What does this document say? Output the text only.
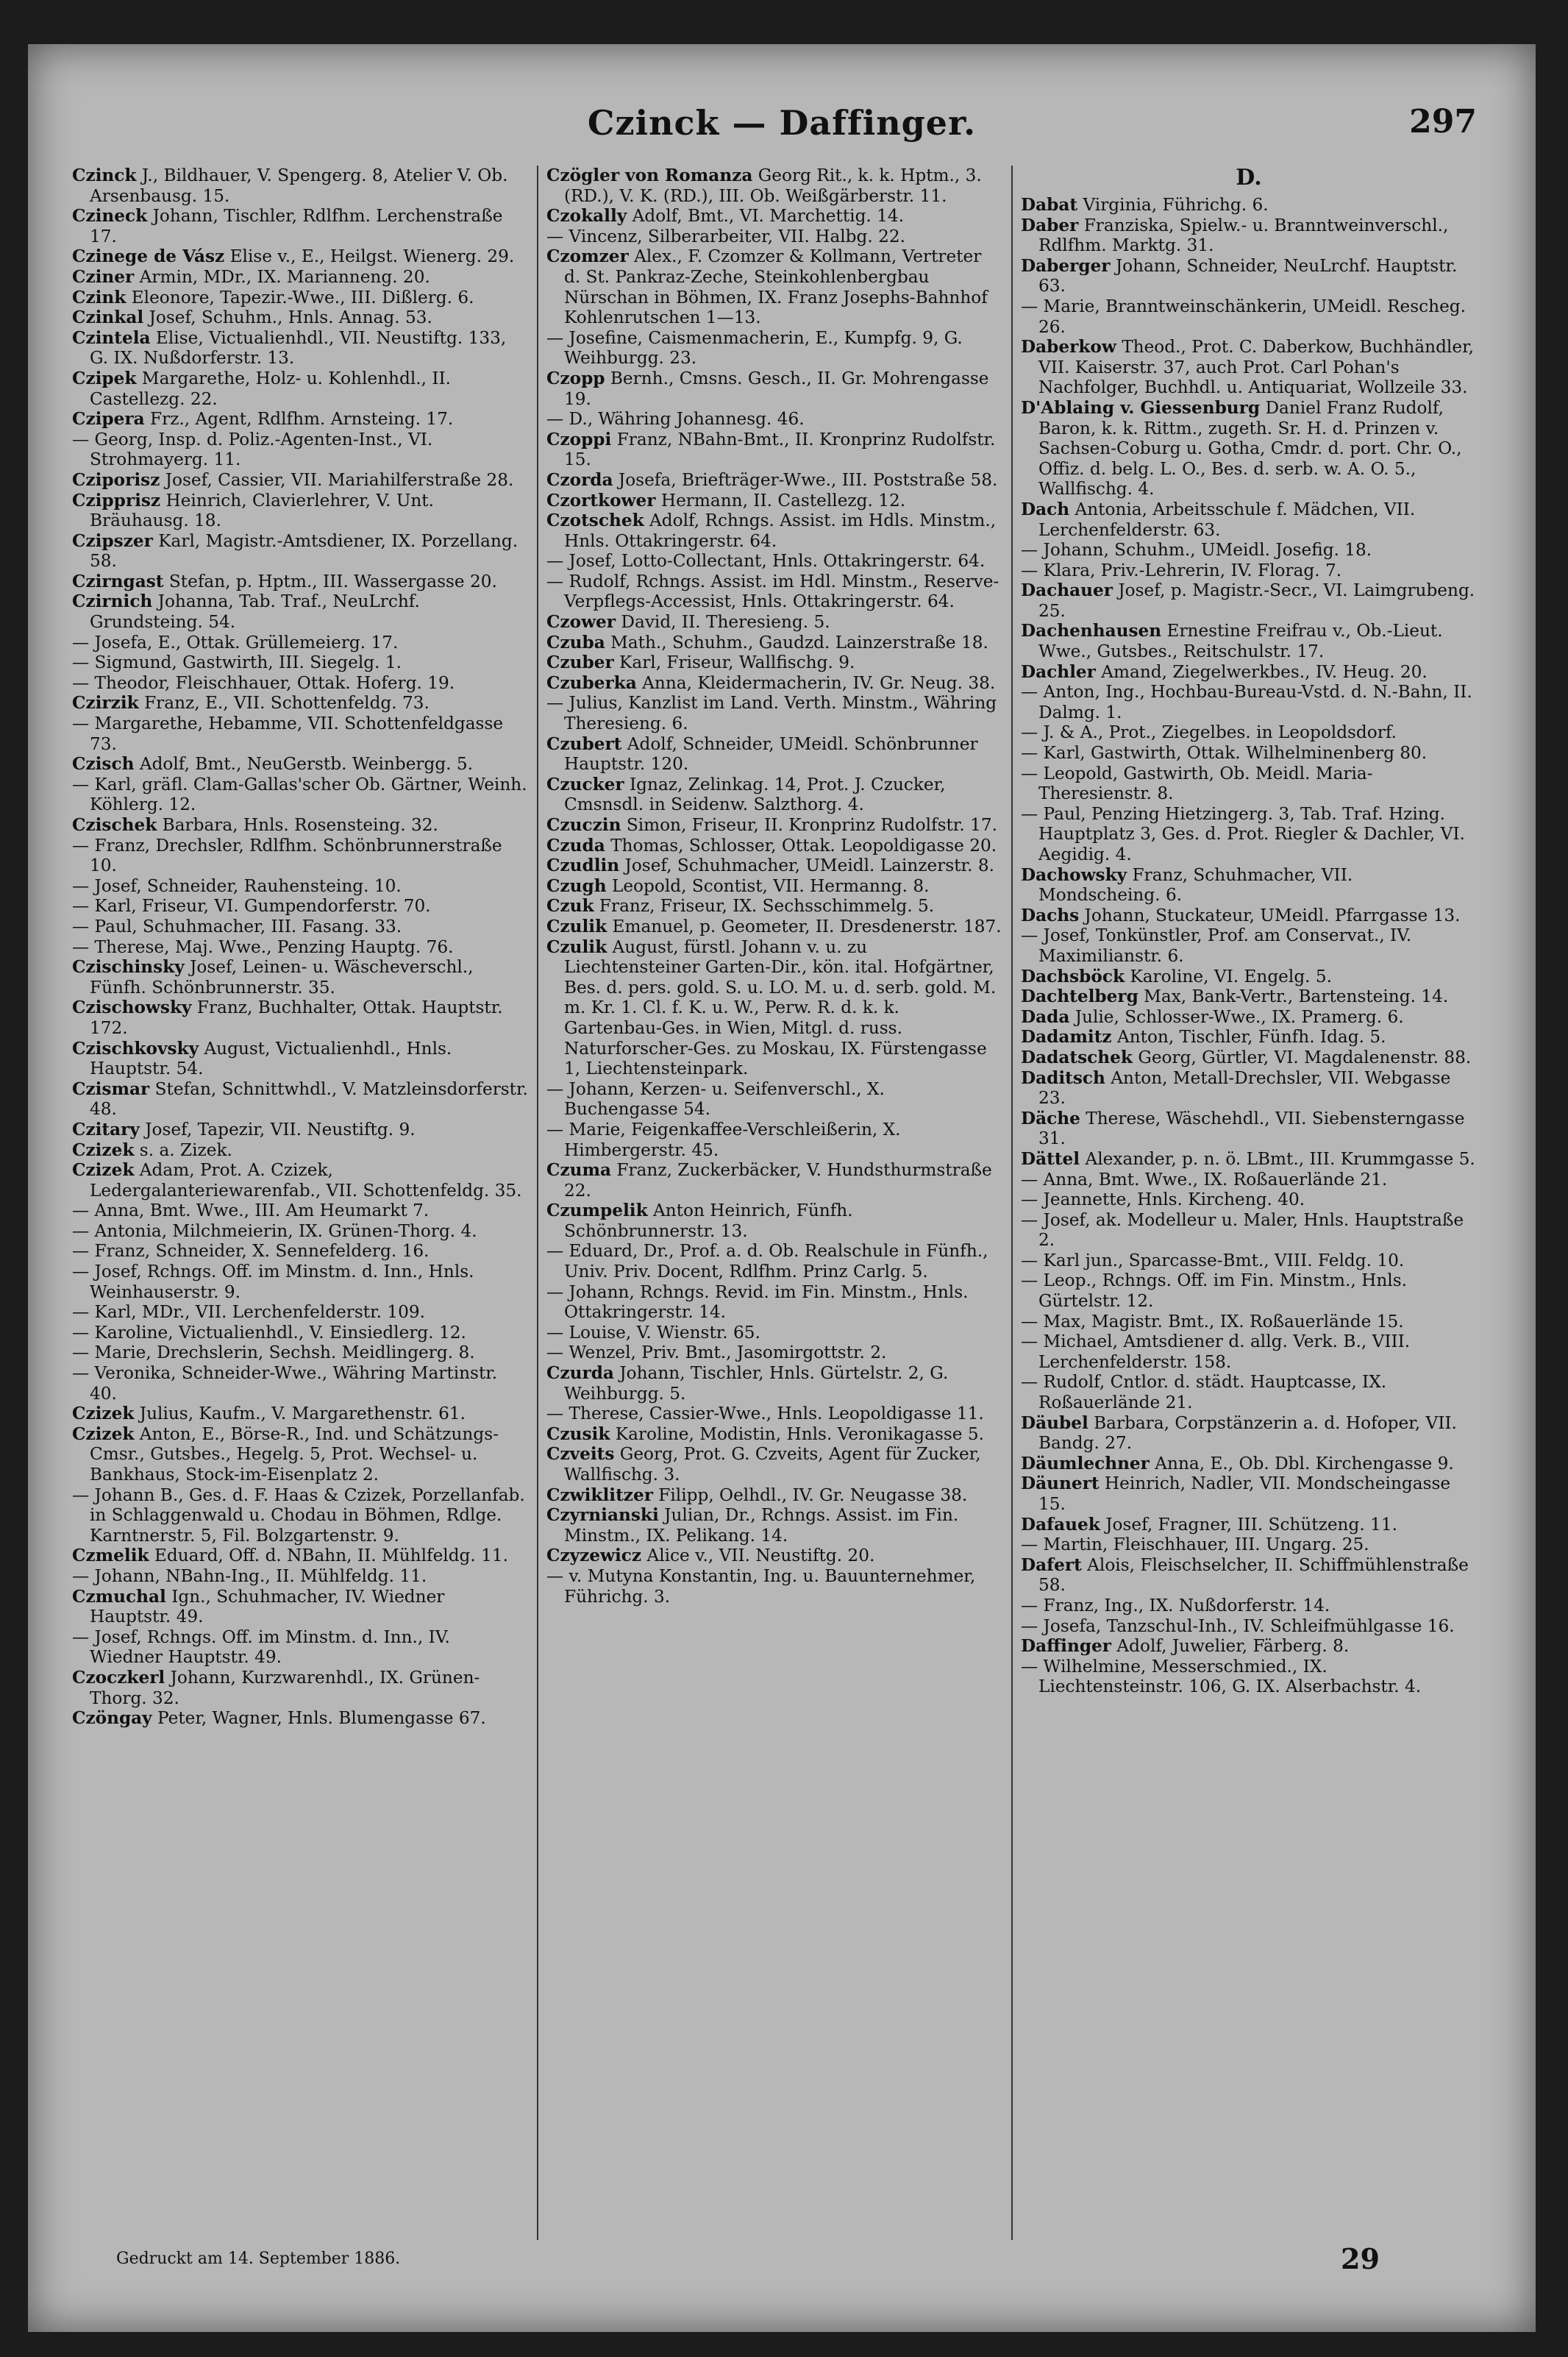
Czinck — Daffinger.	297

Czinck J., Bildhauer, V. Spengerg. 8, Atelier V. Ob. Arsenbausg. 15.

Czineck Johann, Tischler, Rdlfhm. Lerchenstraße 17.

Czinege de Vász Elise v., E., Heilgst. Wienerg. 29.

Cziner Armin, MDr., IX. Marianneng. 20.

Czink Eleonore, Tapezir.-Wwe., III. Dißlerg. 6.

Czinkal Josef, Schuhm., Hnls. Annag. 53.

Czintela Elise, Victualienhdl., VII. Neustiftg. 133, G. IX. Nußdorferstr. 13.

Czipek Margarethe, Holz- u. Kohlenhdl., II. Castellezg. 22.

Czipera Frz., Agent, Rdlfhm. Arnsteing. 17.

— Georg, Insp. d. Poliz.-Agenten-Inst., VI. Strohmayerg. 11.

Cziporisz Josef, Cassier, VII. Mariahilferstraße 28.

Czipprisz Heinrich, Clavierlehrer, V. Unt. Bräuhausg. 18.

Czipszer Karl, Magistr.-Amtsdiener, IX. Porzellang. 58.

Czirngast Stefan, p. Hptm., III. Wassergasse 20.

Czirnich Johanna, Tab. Traf., NeuLrchf. Grundsteing. 54.

— Josefa, E., Ottak. Grüllemeierg. 17.

— Sigmund, Gastwirth, III. Siegelg. 1.

— Theodor, Fleischhauer, Ottak. Hoferg. 19.

Czirzik Franz, E., VII. Schottenfeldg. 73.

— Margarethe, Hebamme, VII. Schottenfeldgasse 73.

Czisch Adolf, Bmt., NeuGerstb. Weinbergg. 5.

— Karl, gräfl. Clam-Gallas'scher Ob. Gärtner, Weinh. Köhlerg. 12.

Czischek Barbara, Hnls. Rosensteing. 32.

— Franz, Drechsler, Rdlfhm. Schönbrunnerstraße 10.

— Josef, Schneider, Rauhensteing. 10.

— Karl, Friseur, VI. Gumpendorferstr. 70.

— Paul, Schuhmacher, III. Fasang. 33.

— Therese, Maj. Wwe., Penzing Hauptg. 76.

Czischinsky Josef, Leinen- u. Wäscheverschl., Fünfh. Schönbrunnerstr. 35.

Czischowsky Franz, Buchhalter, Ottak. Hauptstr. 172.

Czischkovsky August, Victualienhdl., Hnls. Hauptstr. 54.

Czismar Stefan, Schnittwhdl., V. Matzleinsdorferstr. 48.

Czitary Josef, Tapezir, VII. Neustiftg. 9.

Czizek s. a. Zizek.

Czizek Adam, Prot. A. Czizek, Ledergalanteriewarenfab., VII. Schottenfeldg. 35.

— Anna, Bmt. Wwe., III. Am Heumarkt 7.

— Antonia, Milchmeierin, IX. Grünen-Thorg. 4.

— Franz, Schneider, X. Sennefelderg. 16.

— Josef, Rchngs. Off. im Minstm. d. Inn., Hnls. Weinhauserstr. 9.

— Karl, MDr., VII. Lerchenfelderstr. 109.

— Karoline, Victualienhdl., V. Einsiedlerg. 12.

— Marie, Drechslerin, Sechsh. Meidlingerg. 8.

— Veronika, Schneider-Wwe., Währing Martinstr. 40.

Czizek Julius, Kaufm., V. Margarethenstr. 61.

Czizek Anton, E., Börse-R., Ind. und Schätzungs-Cmsr., Gutsbes., Hegelg. 5, Prot. Wechsel- u. Bankhaus, Stock-im-Eisenplatz 2.

— Johann B., Ges. d. F. Haas & Czizek, Porzellanfab. in Schlaggenwald u. Chodau in Böhmen, Rdlge. Karntnerstr. 5, Fil. Bolzgartenstr. 9.

Czmelik Eduard, Off. d. NBahn, II. Mühlfeldg. 11.

— Johann, NBahn-Ing., II. Mühlfeldg. 11.

Czmuchal Ign., Schuhmacher, IV. Wiedner Hauptstr. 49.

— Josef, Rchngs. Off. im Minstm. d. Inn., IV. Wiedner Hauptstr. 49.

Czoczkerl Johann, Kurzwarenhdl., IX. Grünen-Thorg. 32.

Czöngay Peter, Wagner, Hnls. Blumengasse 67.

Czögler von Romanza Georg Rit., k. k. Hptm., 3. (RD.), V. K. (RD.), III. Ob. Weißgärberstr. 11.

Czokally Adolf, Bmt., VI. Marchettig. 14.

— Vincenz, Silberarbeiter, VII. Halbg. 22.

Czomzer Alex., F. Czomzer & Kollmann, Vertreter d. St. Pankraz-Zeche, Steinkohlenbergbau Nürschan in Böhmen, IX. Franz Josephs-Bahnhof Kohlenrutschen 1—13.

— Josefine, Caismenmacherin, E., Kumpfg. 9, G. Weihburgg. 23.

Czopp Bernh., Cmsns. Gesch., II. Gr. Mohrengasse 19.

— D., Währing Johannesg. 46.

Czoppi Franz, NBahn-Bmt., II. Kronprinz Rudolfstr. 15.

Czorda Josefa, Briefträger-Wwe., III. Poststraße 58.

Czortkower Hermann, II. Castellezg. 12.

Czotschek Adolf, Rchngs. Assist. im Hdls. Minstm., Hnls. Ottakringerstr. 64.

— Josef, Lotto-Collectant, Hnls. Ottakringerstr. 64.

— Rudolf, Rchngs. Assist. im Hdl. Minstm., Reserve-Verpflegs-Accessist, Hnls. Ottakringerstr. 64.

Czower David, II. Theresieng. 5.

Czuba Math., Schuhm., Gaudzd. Lainzerstraße 18.

Czuber Karl, Friseur, Wallfischg. 9.

Czuberka Anna, Kleidermacherin, IV. Gr. Neug. 38.

— Julius, Kanzlist im Land. Verth. Minstm., Währing Theresieng. 6.

Czubert Adolf, Schneider, UMeidl. Schönbrunner Hauptstr. 120.

Czucker Ignaz, Zelinkag. 14, Prot. J. Czucker, Cmsnsdl. in Seidenw. Salzthorg. 4.

Czuczin Simon, Friseur, II. Kronprinz Rudolfstr. 17.

Czuda Thomas, Schlosser, Ottak. Leopoldigasse 20.

Czudlin Josef, Schuhmacher, UMeidl. Lainzerstr. 8.

Czugh Leopold, Scontist, VII. Hermanng. 8.

Czuk Franz, Friseur, IX. Sechsschimmelg. 5.

Czulik Emanuel, p. Geometer, II. Dresdenerstr. 187.

Czulik August, fürstl. Johann v. u. zu Liechtensteiner Garten-Dir., kön. ital. Hofgärtner, Bes. d. pers. gold. S. u. LO. M. u. d. serb. gold. M. m. Kr. 1. Cl. f. K. u. W., Perw. R. d. k. k. Gartenbau-Ges. in Wien, Mitgl. d. russ. Naturforscher-Ges. zu Moskau, IX. Fürstengasse 1, Liechtensteinpark.

— Johann, Kerzen- u. Seifenverschl., X. Buchengasse 54.

— Marie, Feigenkaffee-Verschleißerin, X. Himbergerstr. 45.

Czuma Franz, Zuckerbäcker, V. Hundsthurmstraße 22.

Czumpelik Anton Heinrich, Fünfh. Schönbrunnerstr. 13.

— Eduard, Dr., Prof. a. d. Ob. Realschule in Fünfh., Univ. Priv. Docent, Rdlfhm. Prinz Carlg. 5.

— Johann, Rchngs. Revid. im Fin. Minstm., Hnls. Ottakringerstr. 14.

— Louise, V. Wienstr. 65.

— Wenzel, Priv. Bmt., Jasomirgottstr. 2.

Czurda Johann, Tischler, Hnls. Gürtelstr. 2, G. Weihburgg. 5.

— Therese, Cassier-Wwe., Hnls. Leopoldigasse 11.

Czusik Karoline, Modistin, Hnls. Veronikagasse 5.

Czveits Georg, Prot. G. Czveits, Agent für Zucker, Wallfischg. 3.

Czwiklitzer Filipp, Oelhdl., IV. Gr. Neugasse 38.

Czyrnianski Julian, Dr., Rchngs. Assist. im Fin. Minstm., IX. Pelikang. 14.

Czyzewicz Alice v., VII. Neustiftg. 20.

— v. Mutyna Konstantin, Ing. u. Bauunternehmer, Führichg. 3.

D.

Dabat Virginia, Führichg. 6.

Daber Franziska, Spielw.- u. Branntweinverschl., Rdlfhm. Marktg. 31.

Daberger Johann, Schneider, NeuLrchf. Hauptstr. 63.

— Marie, Branntweinschänkerin, UMeidl. Rescheg. 26.

Daberkow Theod., Prot. C. Daberkow, Buchhändler, VII. Kaiserstr. 37, auch Prot. Carl Pohan's Nachfolger, Buchhdl. u. Antiquariat, Wollzeile 33.

D'Ablaing v. Giessenburg Daniel Franz Rudolf, Baron, k. k. Rittm., zugeth. Sr. H. d. Prinzen v. Sachsen-Coburg u. Gotha, Cmdr. d. port. Chr. O., Offiz. d. belg. L. O., Bes. d. serb. w. A. O. 5., Wallfischg. 4.

Dach Antonia, Arbeitsschule f. Mädchen, VII. Lerchenfelderstr. 63.

— Johann, Schuhm., UMeidl. Josefig. 18.

— Klara, Priv.-Lehrerin, IV. Florag. 7.

Dachauer Josef, p. Magistr.-Secr., VI. Laimgrubeng. 25.

Dachenhausen Ernestine Freifrau v., Ob.-Lieut. Wwe., Gutsbes., Reitschulstr. 17.

Dachler Amand, Ziegelwerkbes., IV. Heug. 20.

— Anton, Ing., Hochbau-Bureau-Vstd. d. N.-Bahn, II. Dalmg. 1.

— J. & A., Prot., Ziegelbes. in Leopoldsdorf.

— Karl, Gastwirth, Ottak. Wilhelminenberg 80.

— Leopold, Gastwirth, Ob. Meidl. Maria-Theresienstr. 8.

— Paul, Penzing Hietzingerg. 3, Tab. Traf. Hzing. Hauptplatz 3, Ges. d. Prot. Riegler & Dachler, VI. Aegidig. 4.

Dachowsky Franz, Schuhmacher, VII. Mondscheing. 6.

Dachs Johann, Stuckateur, UMeidl. Pfarrgasse 13.

— Josef, Tonkünstler, Prof. am Conservat., IV. Maximilianstr. 6.

Dachsböck Karoline, VI. Engelg. 5.

Dachtelberg Max, Bank-Vertr., Bartensteing. 14.

Dada Julie, Schlosser-Wwe., IX. Pramerg. 6.

Dadamitz Anton, Tischler, Fünfh. Idag. 5.

Dadatschek Georg, Gürtler, VI. Magdalenenstr. 88.

Daditsch Anton, Metall-Drechsler, VII. Webgasse 23.

Däche Therese, Wäschehdl., VII. Siebensterngasse 31.

Dättel Alexander, p. n. ö. LBmt., III. Krummgasse 5.

— Anna, Bmt. Wwe., IX. Roßauerlände 21.

— Jeannette, Hnls. Kircheng. 40.

— Josef, ak. Modelleur u. Maler, Hnls. Hauptstraße 2.

— Karl jun., Sparcasse-Bmt., VIII. Feldg. 10.

— Leop., Rchngs. Off. im Fin. Minstm., Hnls. Gürtelstr. 12.

— Max, Magistr. Bmt., IX. Roßauerlände 15.

— Michael, Amtsdiener d. allg. Verk. B., VIII. Lerchenfelderstr. 158.

— Rudolf, Cntlor. d. städt. Hauptcasse, IX. Roßauerlände 21.

Däubel Barbara, Corpstänzerin a. d. Hofoper, VII. Bandg. 27.

Däumlechner Anna, E., Ob. Dbl. Kirchengasse 9.

Däunert Heinrich, Nadler, VII. Mondscheingasse 15.

Dafauek Josef, Fragner, III. Schützeng. 11.

— Martin, Fleischhauer, III. Ungarg. 25.

Dafert Alois, Fleischselcher, II. Schiffmühlenstraße 58.

— Franz, Ing., IX. Nußdorferstr. 14.

— Josefa, Tanzschul-Inh., IV. Schleifmühlgasse 16.

Daffinger Adolf, Juwelier, Färberg. 8.

— Wilhelmine, Messerschmied., IX. Liechtensteinstr. 106, G. IX. Alserbachstr. 4.

Gedruckt am 14. September 1886.	29
